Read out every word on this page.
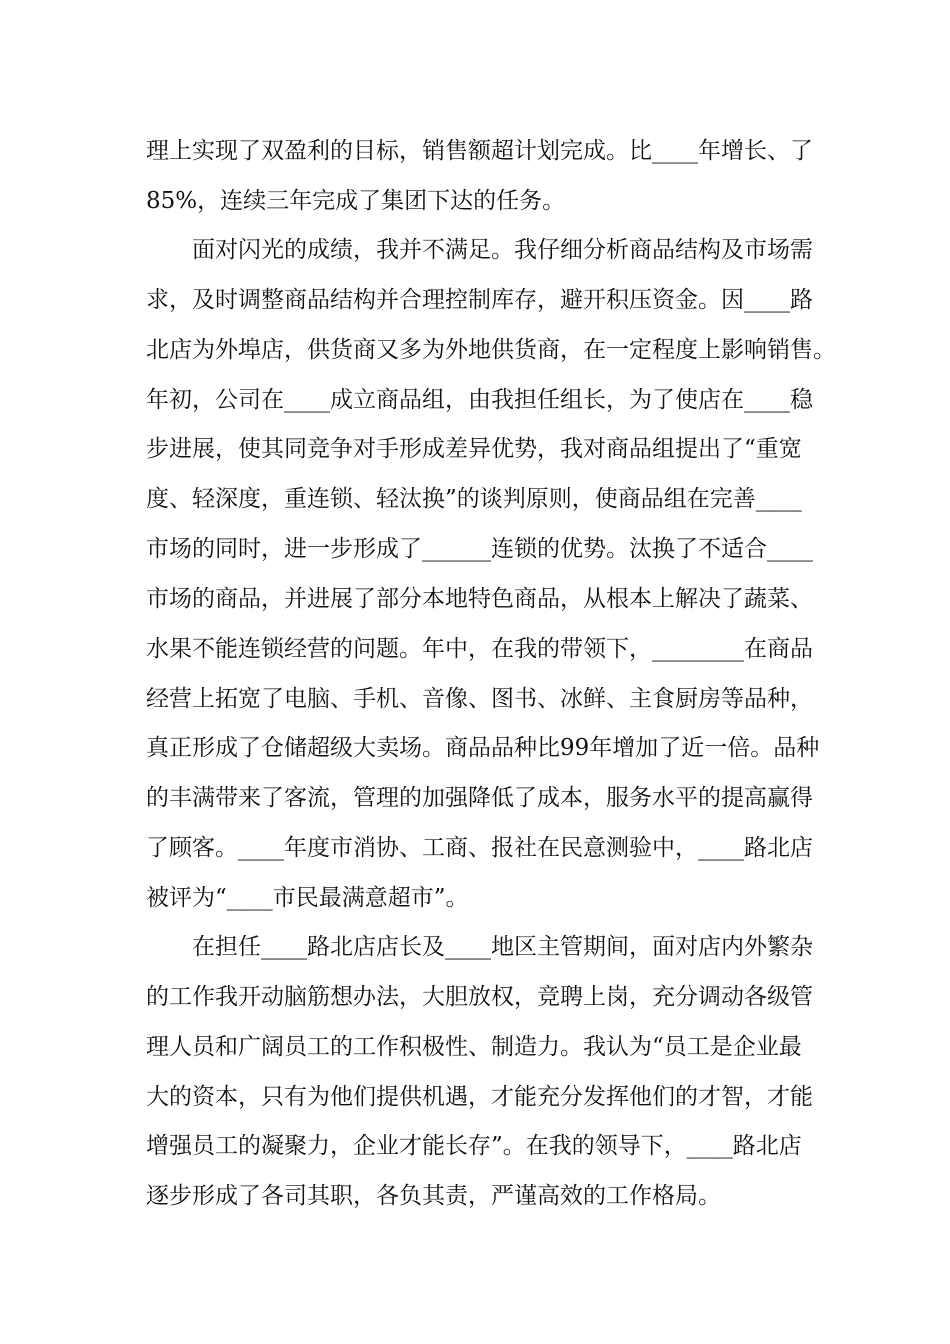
理上实现了双盈利的目标，销售额超计划完成。比____年增长、了
85%，连续三年完成了集团下达的任务。
面对闪光的成绩，我并不满足。我仔细分析商品结构及市场需
求，及时调整商品结构并合理控制库存，避开积压资金。因____路
北店为外埠店，供货商又多为外地供货商，在一定程度上影响销售。
年初，公司在____成立商品组，由我担任组长，为了使店在____稳
步进展，使其同竞争对手形成差异优势，我对商品组提出了“重宽
度、轻深度，重连锁、轻汰换”的谈判原则，使商品组在完善____
市场的同时，进一步形成了______连锁的优势。汰换了不适合____
市场的商品，并进展了部分本地特色商品，从根本上解决了蔬菜、
水果不能连锁经营的问题。年中，在我的带领下，________在商品
经营上拓宽了电脑、手机、音像、图书、冰鲜、主食厨房等品种，
真正形成了仓储超级大卖场。商品品种比99年增加了近一倍。品种
的丰满带来了客流，管理的加强降低了成本，服务水平的提高赢得
了顾客。____年度市消协、工商、报社在民意测验中，____路北店
被评为“____市民最满意超市”。
在担任____路北店店长及____地区主管期间，面对店内外繁杂
的工作我开动脑筋想办法，大胆放权，竞聘上岗，充分调动各级管
理人员和广阔员工的工作积极性、制造力。我认为“员工是企业最
大的资本，只有为他们提供机遇，才能充分发挥他们的才智，才能
增强员工的凝聚力，企业才能长存”。在我的领导下，____路北店
逐步形成了各司其职，各负其责，严谨高效的工作格局。
